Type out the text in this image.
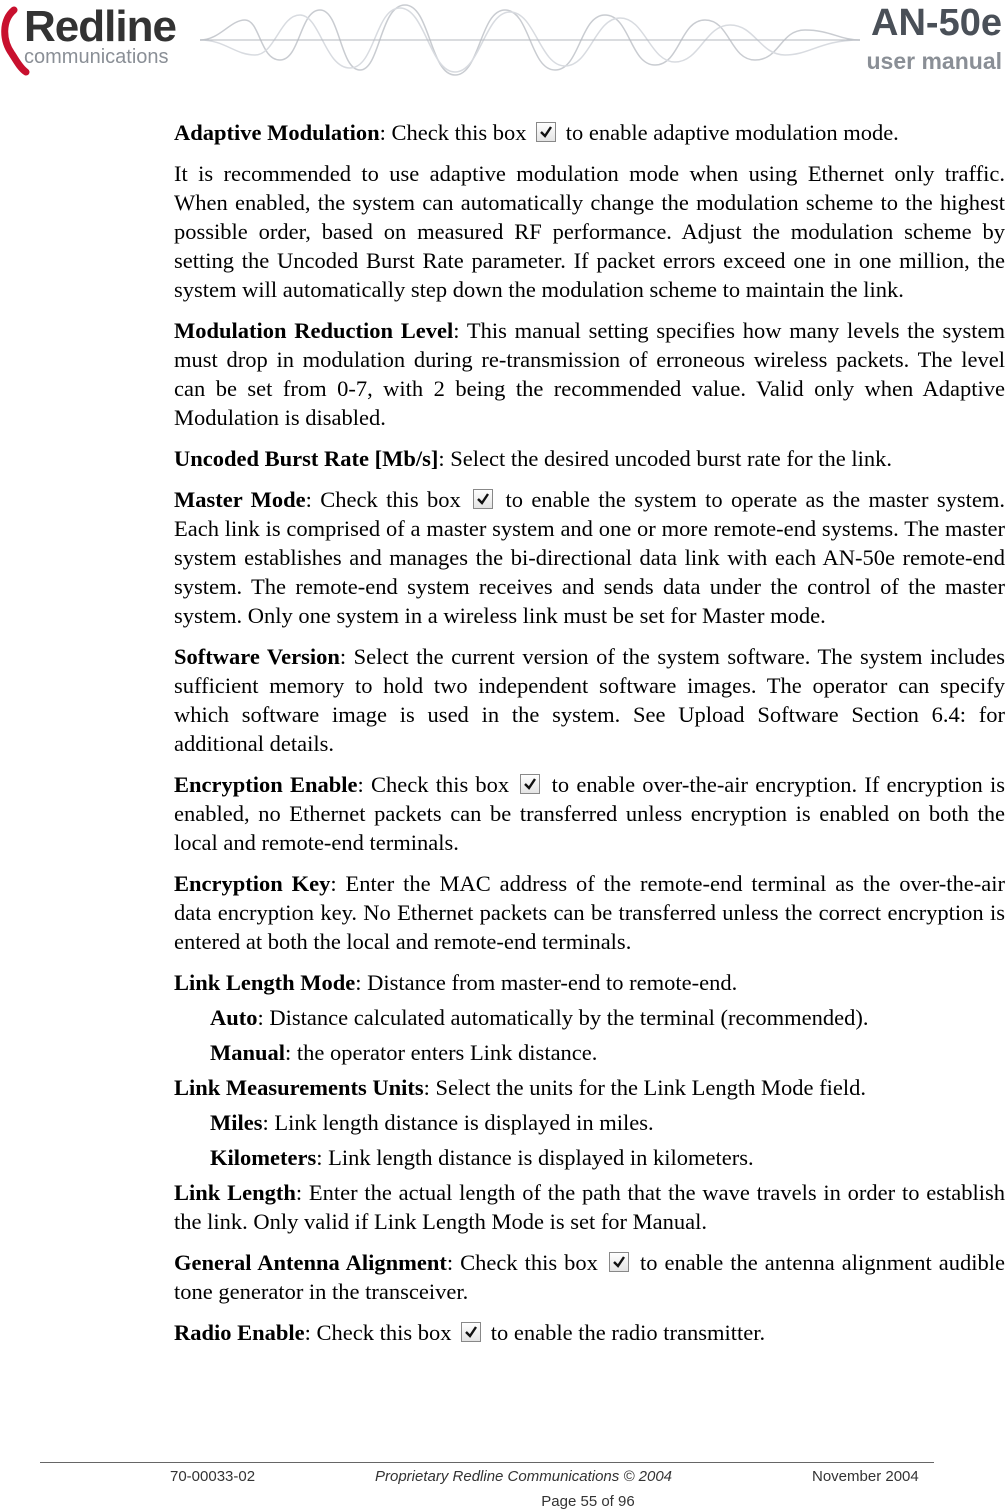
Redline
communications
AN-50e
user manual

Adaptive Modulation: Check this box
to enable adaptive modulation mode.

It is recommended to use adaptive modulation mode when using Ethernet only traffic. When enabled, the system can automatically change the modulation scheme to the highest possible order, based on measured RF performance. Adjust the modulation scheme by setting the Uncoded Burst Rate parameter. If packet errors exceed one in one million, the system will automatically step down the modulation scheme to maintain the link.

Modulation Reduction Level: This manual setting specifies how many levels the system must drop in modulation during re-transmission of erroneous wireless packets. The level can be set from 0-7, with 2 being the recommended value. Valid only when Adaptive Modulation is disabled.

Uncoded Burst Rate [Mb/s]: Select the desired uncoded burst rate for the link.

Master Mode: Check this box
to enable the system to operate as the master system. Each link is comprised of a master system and one or more remote-end systems. The master system establishes and manages the bi-directional data link with each AN-50e remote-end system. The remote-end system receives and sends data under the control of the master system. Only one system in a wireless link must be set for Master mode.

Software Version: Select the current version of the system software. The system includes sufficient memory to hold two independent software images. The operator can specify which software image is used in the system. See Upload Software Section 6.4: for additional details.

Encryption Enable: Check this box
to enable over-the-air encryption. If encryption is enabled, no Ethernet packets can be transferred unless encryption is enabled on both the local and remote-end terminals.

Encryption Key: Enter the MAC address of the remote-end terminal as the over-the-air data encryption key. No Ethernet packets can be transferred unless the correct encryption is entered at both the local and remote-end terminals.

Link Length Mode: Distance from master-end to remote-end.

Auto: Distance calculated automatically by the terminal (recommended).

Manual: the operator enters Link distance.

Link Measurements Units: Select the units for the Link Length Mode field.

Miles: Link length distance is displayed in miles.

Kilometers: Link length distance is displayed in kilometers.

Link Length: Enter the actual length of the path that the wave travels in order to establish the link. Only valid if Link Length Mode is set for Manual.

General Antenna Alignment: Check this box
to enable the antenna alignment audible tone generator in the transceiver.

Radio Enable: Check this box
to enable the radio transmitter.

70-00033-02	Proprietary Redline Communications © 2004	November 2004
Page 55 of 96
